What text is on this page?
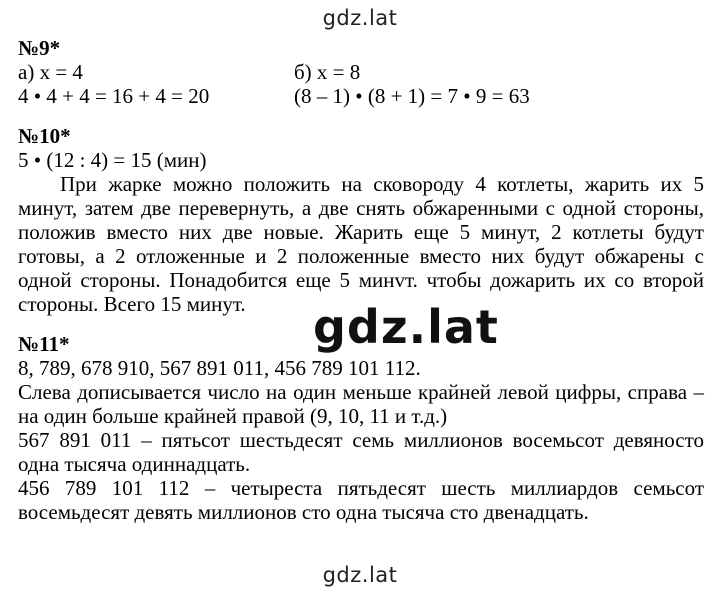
gdz.lat
№9*
а) x = 4	б) x = 8
4 • 4 + 4 = 16 + 4 = 20	(8 – 1) • (8 + 1) = 7 • 9 = 63
№10*
5 • (12 : 4) = 15 (мин)
При жарке можно положить на сковороду 4 котлеты, жарить их 5 минут, затем две перевернуть, а две снять обжаренными с одной стороны, положив вместо них две новые. Жарить еще 5 минут, 2 котлеты будут готовы, а 2 отложенные и 2 положенные вместо них будут обжарены с одной стороны. Понадобится еще 5 минvт. чтобы дожарить их со второй стороны. Всего 15 минут.
№11*
8, 789, 678 910, 567 891 011, 456 789 101 112.
Слева дописывается число на один меньше крайней левой цифры, справа – на один больше крайней правой (9, 10, 11 и т.д.)
567 891 011 – пятьсот шестьдесят семь миллионов восемьсот девяносто одна тысяча одиннадцать.
456 789 101 112 – четыреста пятьдесят шесть миллиардов семьсот восемьдесят девять миллионов сто одна тысяча сто двенадцать.
gdz.lat
gdz.lat
